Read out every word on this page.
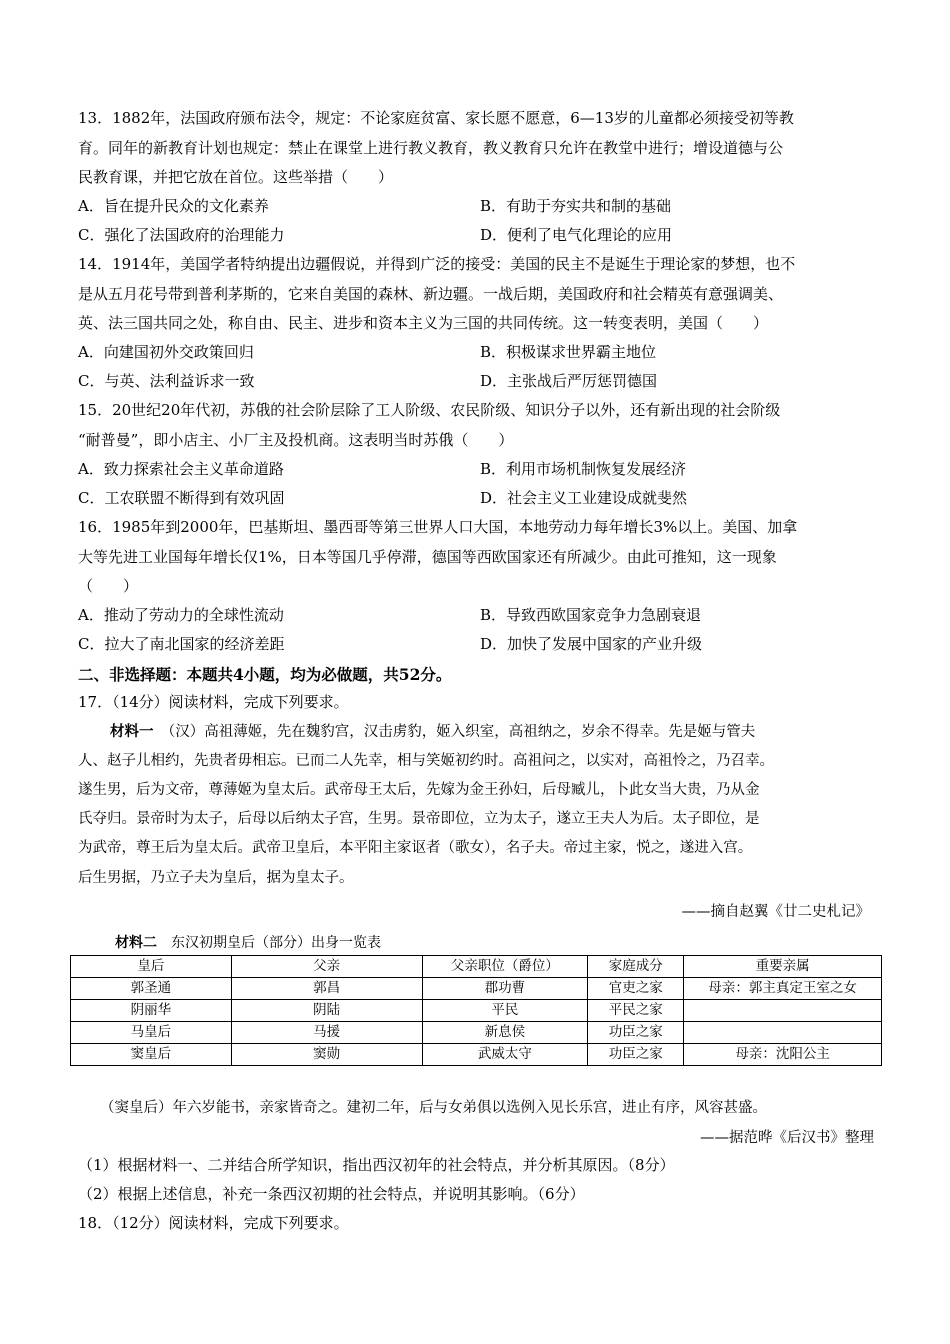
13．1882年，法国政府颁布法令，规定：不论家庭贫富、家长愿不愿意，6—13岁的儿童都必须接受初等教
育。同年的新教育计划也规定：禁止在课堂上进行教义教育，教义教育只允许在教堂中进行；增设道德与公
民教育课，并把它放在首位。这些举措（　　）
A．旨在提升民众的文化素养	B．有助于夯实共和制的基础
C．强化了法国政府的治理能力	D．便利了电气化理论的应用
14．1914年，美国学者特纳提出边疆假说，并得到广泛的接受：美国的民主不是诞生于理论家的梦想，也不
是从五月花号带到普利茅斯的，它来自美国的森林、新边疆。一战后期，美国政府和社会精英有意强调美、
英、法三国共同之处，称自由、民主、进步和资本主义为三国的共同传统。这一转变表明，美国（　　）
A．向建国初外交政策回归	B．积极谋求世界霸主地位
C．与英、法利益诉求一致	D．主张战后严厉惩罚德国
15．20世纪20年代初，苏俄的社会阶层除了工人阶级、农民阶级、知识分子以外，还有新出现的社会阶级
“耐普曼”，即小店主、小厂主及投机商。这表明当时苏俄（　　）
A．致力探索社会主义革命道路	B．利用市场机制恢复发展经济
C．工农联盟不断得到有效巩固	D．社会主义工业建设成就斐然
16．1985年到2000年，巴基斯坦、墨西哥等第三世界人口大国，本地劳动力每年增长3%以上。美国、加拿
大等先进工业国每年增长仅1%，日本等国几乎停滞，德国等西欧国家还有所减少。由此可推知，这一现象
（　　）
A．推动了劳动力的全球性流动	B．导致西欧国家竞争力急剧衰退
C．拉大了南北国家的经济差距	D．加快了发展中国家的产业升级
二、非选择题：本题共4小题，均为必做题，共52分。
17．（14分）阅读材料，完成下列要求。
材料一　 （汉）高祖薄姬，先在魏豹宫，汉击虏豹，姬入织室，高祖纳之，岁余不得幸。先是姬与管夫
人、赵子儿相约，先贵者毋相忘。已而二人先幸，相与笑姬初约时。高祖问之，以实对，高祖怜之，乃召幸。
遂生男，后为文帝，尊薄姬为皇太后。武帝母王太后，先嫁为金王孙妇，后母臧儿，卜此女当大贵，乃从金
氏夺归。景帝时为太子，后母以后纳太子宫，生男。景帝即位，立为太子，遂立王夫人为后。太子即位，是
为武帝，尊王后为皇太后。武帝卫皇后，本平阳主家讴者（歌女），名子夫。帝过主家，悦之，遂进入宫。
后生男据，乃立子夫为皇后，据为皇太子。
——摘自赵翼《廿二史札记》
材料二　 东汉初期皇后（部分）出身一览表
皇后	父亲	父亲职位（爵位）	家庭成分	重要亲属
郭圣通	郭昌	郡功曹	官吏之家	母亲：郭主真定王室之女
阴丽华	阴陆	平民	平民之家	
马皇后	马援	新息侯	功臣之家	
窦皇后	窦勋	武威太守	功臣之家	母亲：沈阳公主
（窦皇后）年六岁能书，亲家皆奇之。建初二年，后与女弟俱以选例入见长乐宫，进止有序，风容甚盛。
——据范晔《后汉书》整理
（1）根据材料一、二并结合所学知识，指出西汉初年的社会特点，并分析其原因。（8分）
（2）根据上述信息，补充一条西汉初期的社会特点，并说明其影响。（6分）
18．（12分）阅读材料，完成下列要求。
